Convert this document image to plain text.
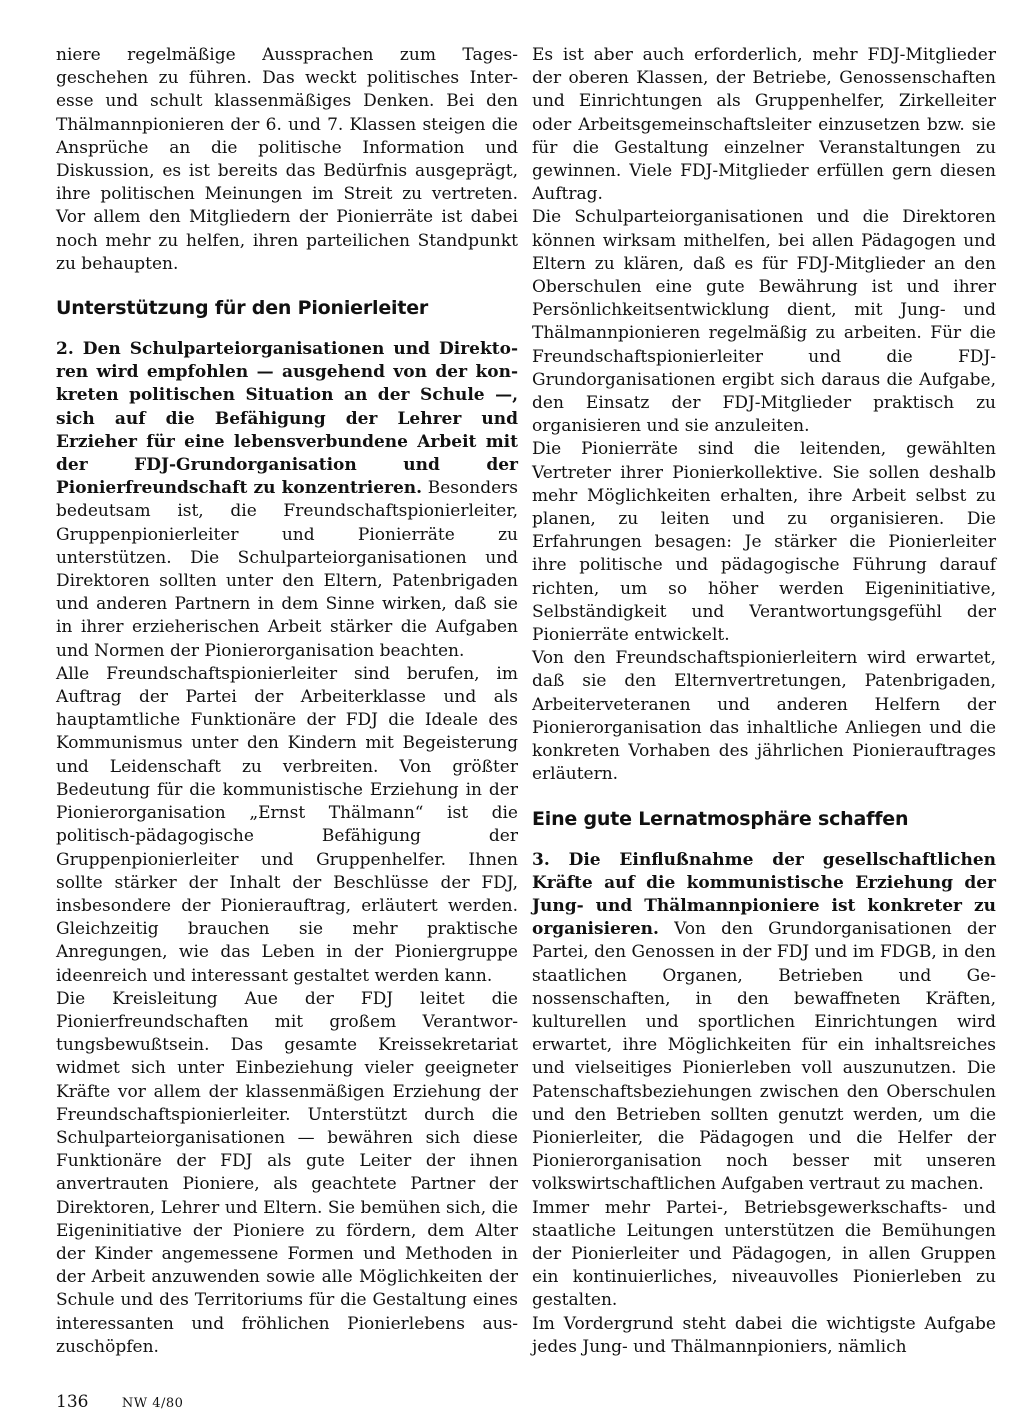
niere regelmäßige Aussprachen zum Tagesgeschehen zu führen. Das weckt politisches Interesse und schult klassenmäßiges Denken. Bei den Thälmannpionieren der 6. und 7. Klassen steigen die Ansprüche an die politische Information und Diskussion, es ist bereits das Bedürfnis ausgeprägt, ihre politischen Meinungen im Streit zu vertreten. Vor allem den Mitgliedern der Pionierräte ist dabei noch mehr zu helfen, ihren parteilichen Standpunkt zu behaupten.

Unterstützung für den Pionierleiter

2. Den Schulparteiorganisationen und Direktoren wird empfohlen — ausgehend von der konkreten politischen Situation an der Schule —, sich auf die Befähigung der Lehrer und Erzieher für eine lebensverbundene Arbeit mit der FDJ-Grundorganisation und der Pionierfreundschaft zu konzentrieren. Besonders bedeutsam ist, die Freundschaftspionierleiter, Gruppenpionierleiter und Pionierräte zu unterstützen. Die Schulparteiorganisationen und Direktoren sollten unter den Eltern, Patenbrigaden und anderen Partnern in dem Sinne wirken, daß sie in ihrer erzieherischen Arbeit stärker die Aufgaben und Normen der Pionierorganisation beachten.

Alle Freundschaftspionierleiter sind berufen, im Auftrag der Partei der Arbeiterklasse und als hauptamtliche Funktionäre der FDJ die Ideale des Kommunismus unter den Kindern mit Begeisterung und Leidenschaft zu verbreiten. Von größter Bedeutung für die kommunistische Erziehung in der Pionierorganisation „Ernst Thälmann“ ist die politisch-pädagogische Befähigung der Gruppenpionierleiter und Gruppenhelfer. Ihnen sollte stärker der Inhalt der Beschlüsse der FDJ, insbesondere der Pionierauftrag, erläutert werden. Gleichzeitig brauchen sie mehr praktische Anregungen, wie das Leben in der Pioniergruppe ideenreich und interessant gestaltet werden kann.

Die Kreisleitung Aue der FDJ leitet die Pionierfreundschaften mit großem Verantwortungsbewußtsein. Das gesamte Kreissekretariat widmet sich unter Einbeziehung vieler geeigneter Kräfte vor allem der klassenmäßigen Erziehung der Freundschaftspionierleiter. Unterstützt durch die Schulparteiorganisationen — bewähren sich diese Funktionäre der FDJ als gute Leiter der ihnen anvertrauten Pioniere, als geachtete Partner der Direktoren, Lehrer und Eltern. Sie bemühen sich, die Eigeninitiative der Pioniere zu fördern, dem Alter der Kinder angemessene Formen und Methoden in der Arbeit anzuwenden sowie alle Möglichkeiten der Schule und des Territoriums für die Gestaltung eines interessanten und fröhlichen Pionierlebens auszuschöpfen.

Es ist aber auch erforderlich, mehr FDJ-Mitglieder der oberen Klassen, der Betriebe, Genossenschaften und Einrichtungen als Gruppenhelfer, Zirkelleiter oder Arbeitsgemeinschaftsleiter einzusetzen bzw. sie für die Gestaltung einzelner Veranstaltungen zu gewinnen. Viele FDJ-Mitglieder erfüllen gern diesen Auftrag.

Die Schulparteiorganisationen und die Direktoren können wirksam mithelfen, bei allen Pädagogen und Eltern zu klären, daß es für FDJ-Mitglieder an den Oberschulen eine gute Bewährung ist und ihrer Persönlichkeitsentwicklung dient, mit Jung- und Thälmannpionieren regelmäßig zu arbeiten. Für die Freundschaftspionierleiter und die FDJ-Grundorganisationen ergibt sich daraus die Aufgabe, den Einsatz der FDJ-Mitglieder praktisch zu organisieren und sie anzuleiten.

Die Pionierräte sind die leitenden, gewählten Vertreter ihrer Pionierkollektive. Sie sollen deshalb mehr Möglichkeiten erhalten, ihre Arbeit selbst zu planen, zu leiten und zu organisieren. Die Erfahrungen besagen: Je stärker die Pionierleiter ihre politische und pädagogische Führung darauf richten, um so höher werden Eigeninitiative, Selbständigkeit und Verantwortungsgefühl der Pionierräte entwickelt.

Von den Freundschaftspionierleitern wird erwartet, daß sie den Elternvertretungen, Patenbrigaden, Arbeiterveteranen und anderen Helfern der Pionierorganisation das inhaltliche Anliegen und die konkreten Vorhaben des jährlichen Pionierauftrages erläutern.

Eine gute Lernatmosphäre schaffen

3. Die Einflußnahme der gesellschaftlichen Kräfte auf die kommunistische Erziehung der Jung- und Thälmannpioniere ist konkreter zu organisieren. Von den Grundorganisationen der Partei, den Genossen in der FDJ und im FDGB, in den staatlichen Organen, Betrieben und Genossenschaften, in den bewaffneten Kräften, kulturellen und sportlichen Einrichtungen wird erwartet, ihre Möglichkeiten für ein inhaltsreiches und vielseitiges Pionierleben voll auszunutzen. Die Patenschaftsbeziehungen zwischen den Oberschulen und den Betrieben sollten genutzt werden, um die Pionierleiter, die Pädagogen und die Helfer der Pionierorganisation noch besser mit unseren volkswirtschaftlichen Aufgaben vertraut zu machen.

Immer mehr Partei-, Betriebsgewerkschafts- und staatliche Leitungen unterstützen die Bemühungen der Pionierleiter und Pädagogen, in allen Gruppen ein kontinuierliches, niveauvolles Pionierleben zu gestalten.

Im Vordergrund steht dabei die wichtigste Aufgabe jedes Jung- und Thälmannpioniers, nämlich

136	NW 4/80
